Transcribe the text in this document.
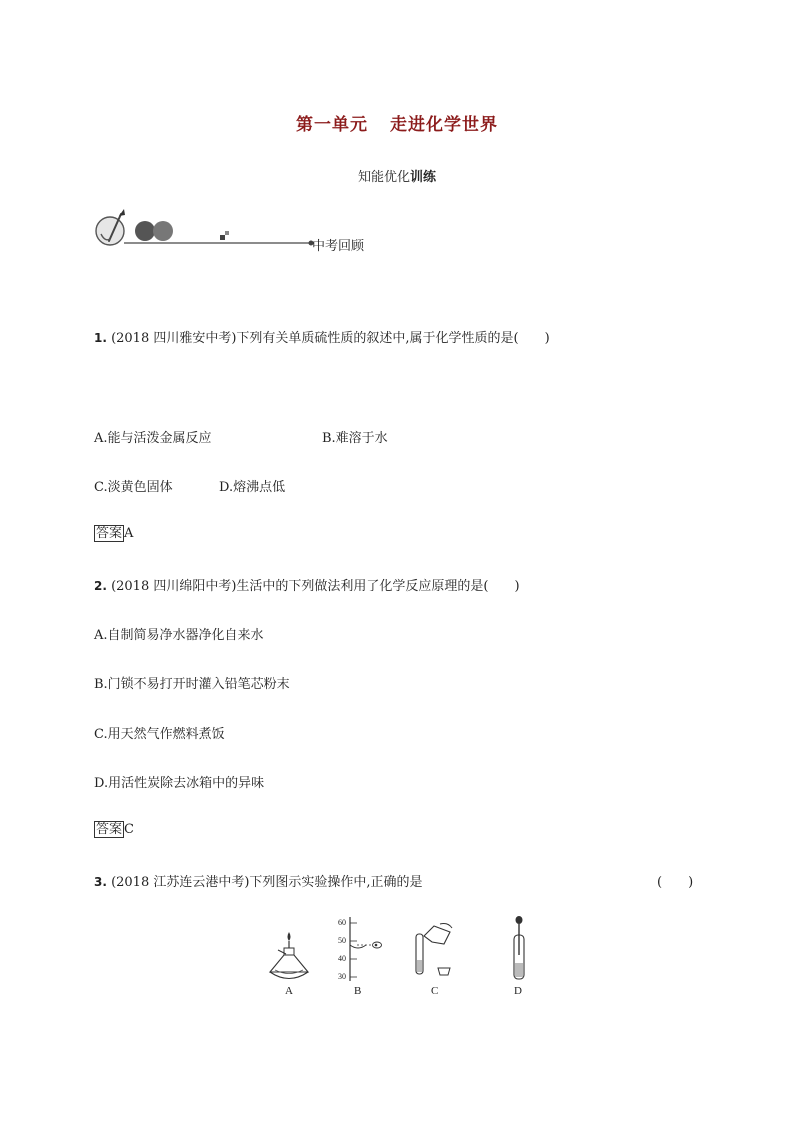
第一单元 走进化学世界
知能优化训练
中考回顾
1. (2018 四川雅安中考)下列有关单质硫性质的叙述中,属于化学性质的是(　　)
A.能与活泼金属反应	B.难溶于水
C.淡黄色固体	D.熔沸点低
答案 A
2. (2018 四川绵阳中考)生活中的下列做法利用了化学反应原理的是(　　)
A.自制简易净水器净化自来水
B.门锁不易打开时灌入铅笔芯粉末
C.用天然气作燃料煮饭
D.用活性炭除去冰箱中的异味
答案 C
3. (2018 江苏连云港中考)下列图示实验操作中,正确的是	(　　)
A
60
50
40
30
B	C	D
